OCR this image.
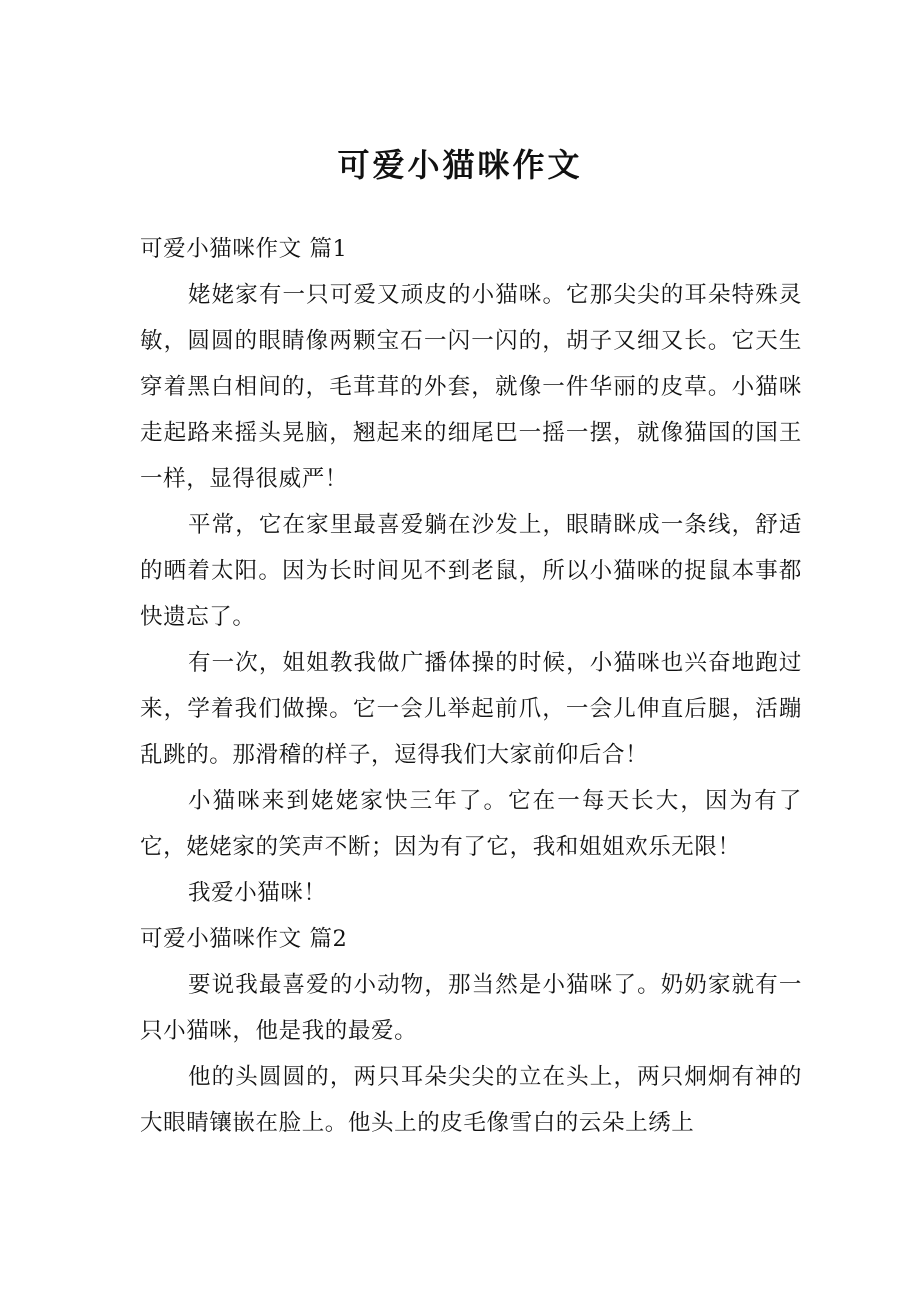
可爱小猫咪作文
可爱小猫咪作文 篇1

姥姥家有一只可爱又顽皮的小猫咪。它那尖尖的耳朵特殊灵敏，圆圆的眼睛像两颗宝石一闪一闪的，胡子又细又长。它天生穿着黑白相间的，毛茸茸的外套，就像一件华丽的皮草。小猫咪走起路来摇头晃脑，翘起来的细尾巴一摇一摆，就像猫国的国王一样，显得很威严！

平常，它在家里最喜爱躺在沙发上，眼睛眯成一条线，舒适的晒着太阳。因为长时间见不到老鼠，所以小猫咪的捉鼠本事都快遗忘了。

有一次，姐姐教我做广播体操的时候，小猫咪也兴奋地跑过来，学着我们做操。它一会儿举起前爪，一会儿伸直后腿，活蹦乱跳的。那滑稽的样子，逗得我们大家前仰后合！

小猫咪来到姥姥家快三年了。它在一每天长大，因为有了它，姥姥家的笑声不断；因为有了它，我和姐姐欢乐无限！

我爱小猫咪！

可爱小猫咪作文 篇2

要说我最喜爱的小动物，那当然是小猫咪了。奶奶家就有一只小猫咪，他是我的最爱。

他的头圆圆的，两只耳朵尖尖的立在头上，两只炯炯有神的大眼睛镶嵌在脸上。他头上的皮毛像雪白的云朵上绣上
